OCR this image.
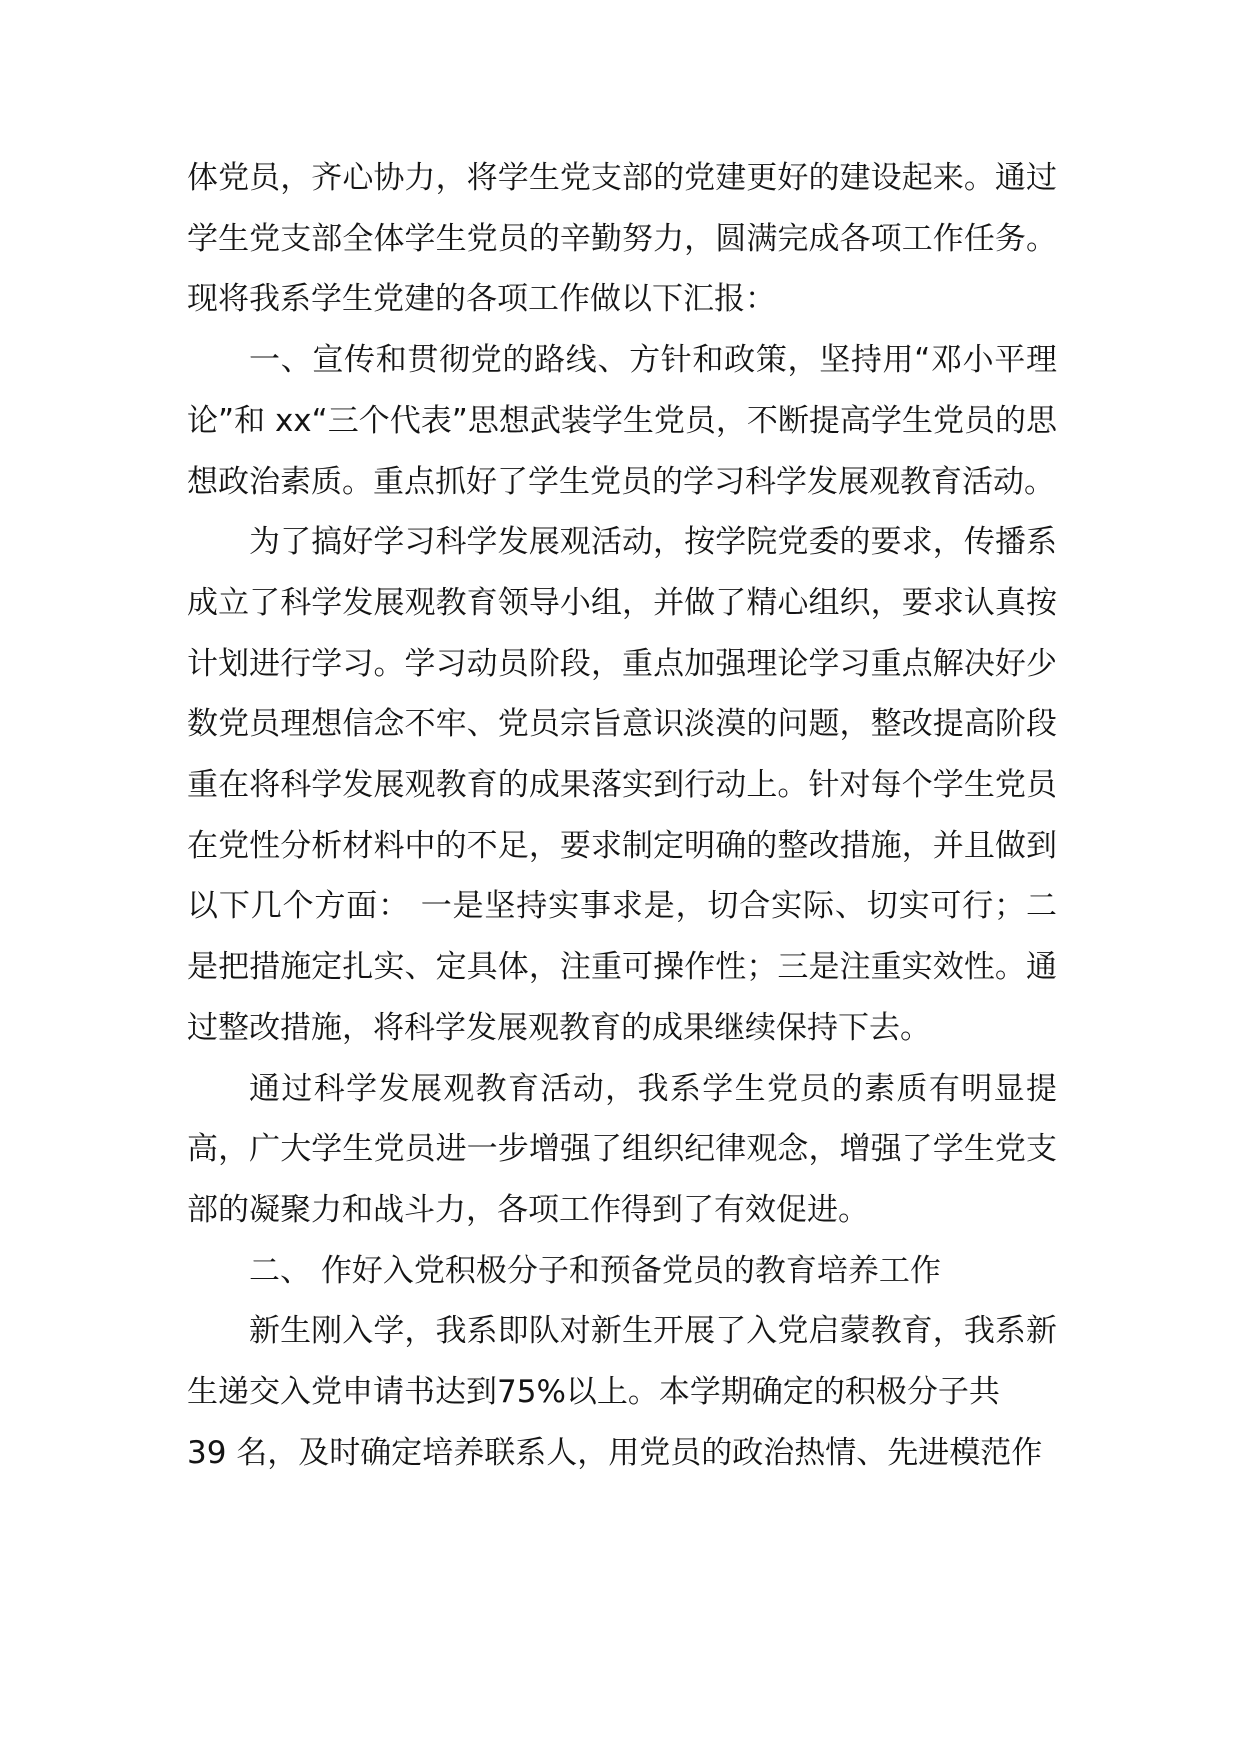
体党员，齐心协力，将学生党支部的党建更好的建设起来。通过学生党支部全体学生党员的辛勤努力，圆满完成各项工作任务。现将我系学生党建的各项工作做以下汇报：

一、宣传和贯彻党的路线、方针和政策，坚持用“邓小平理论”和 xx“三个代表”思想武装学生党员，不断提高学生党员的思想政治素质。重点抓好了学生党员的学习科学发展观教育活动。

为了搞好学习科学发展观活动，按学院党委的要求，传播系成立了科学发展观教育领导小组，并做了精心组织，要求认真按计划进行学习。学习动员阶段，重点加强理论学习重点解决好少数党员理想信念不牢、党员宗旨意识淡漠的问题，整改提高阶段重在将科学发展观教育的成果落实到行动上。针对每个学生党员在党性分析材料中的不足，要求制定明确的整改措施，并且做到以下几个方面： 一是坚持实事求是，切合实际、切实可行；二是把措施定扎实、定具体，注重可操作性；三是注重实效性。通过整改措施，将科学发展观教育的成果继续保持下去。

通过科学发展观教育活动，我系学生党员的素质有明显提高，广大学生党员进一步增强了组织纪律观念，增强了学生党支部的凝聚力和战斗力，各项工作得到了有效促进。

二、 作好入党积极分子和预备党员的教育培养工作

新生刚入学，我系即队对新生开展了入党启蒙教育，我系新生递交入党申请书达到75%以上。本学期确定的积极分子共

39 名，及时确定培养联系人，用党员的政治热情、先进模范作
